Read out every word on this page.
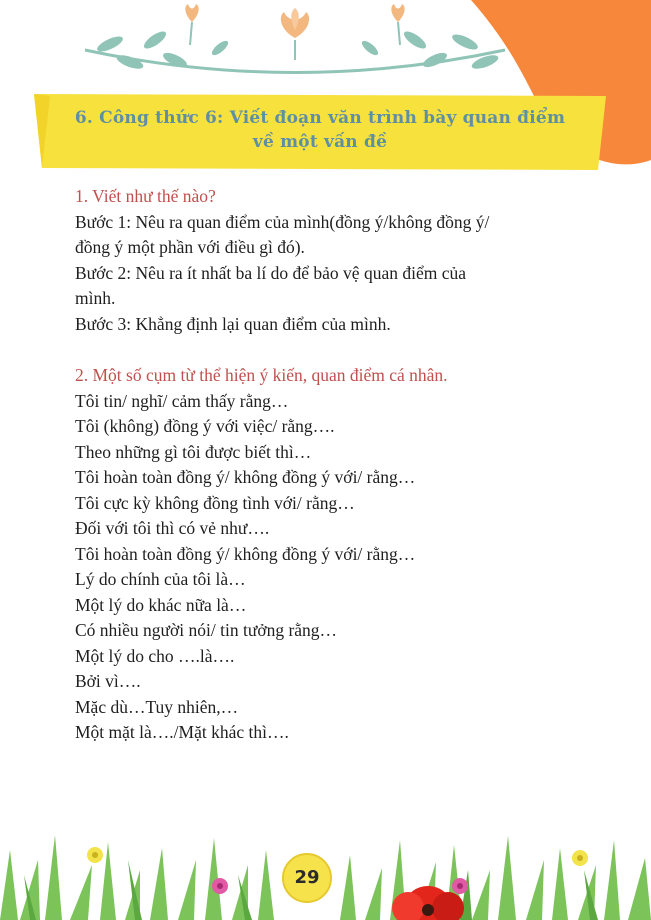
6. Công thức 6: Viết đoạn văn trình bày quan điểm
về một vấn đề
1. Viết như thế nào?
Bước 1: Nêu ra quan điểm của mình(đồng ý/không đồng ý/
đồng ý một phần với điều gì đó).
Bước 2: Nêu ra ít nhất ba lí do để bảo vệ quan điểm của
mình.
Bước 3: Khẳng định lại quan điểm của mình.
2. Một số cụm từ thể hiện ý kiến, quan điểm cá nhân.
Tôi tin/ nghĩ/ cảm thấy rằng…
Tôi (không) đồng ý với việc/ rằng….
Theo những gì tôi được biết thì…
Tôi hoàn toàn đồng ý/ không đồng ý với/ rằng…
Tôi cực kỳ không đồng tình với/ rằng…
Đối với tôi thì có vẻ như….
Tôi hoàn toàn đồng ý/ không đồng ý với/ rằng…
Lý do chính của tôi là…
Một lý do khác nữa là…
Có nhiều người nói/ tin tưởng rằng…
Một lý do cho ….là….
Bởi vì….
Mặc dù…Tuy nhiên,…
Một mặt là…./Mặt khác thì….
29
